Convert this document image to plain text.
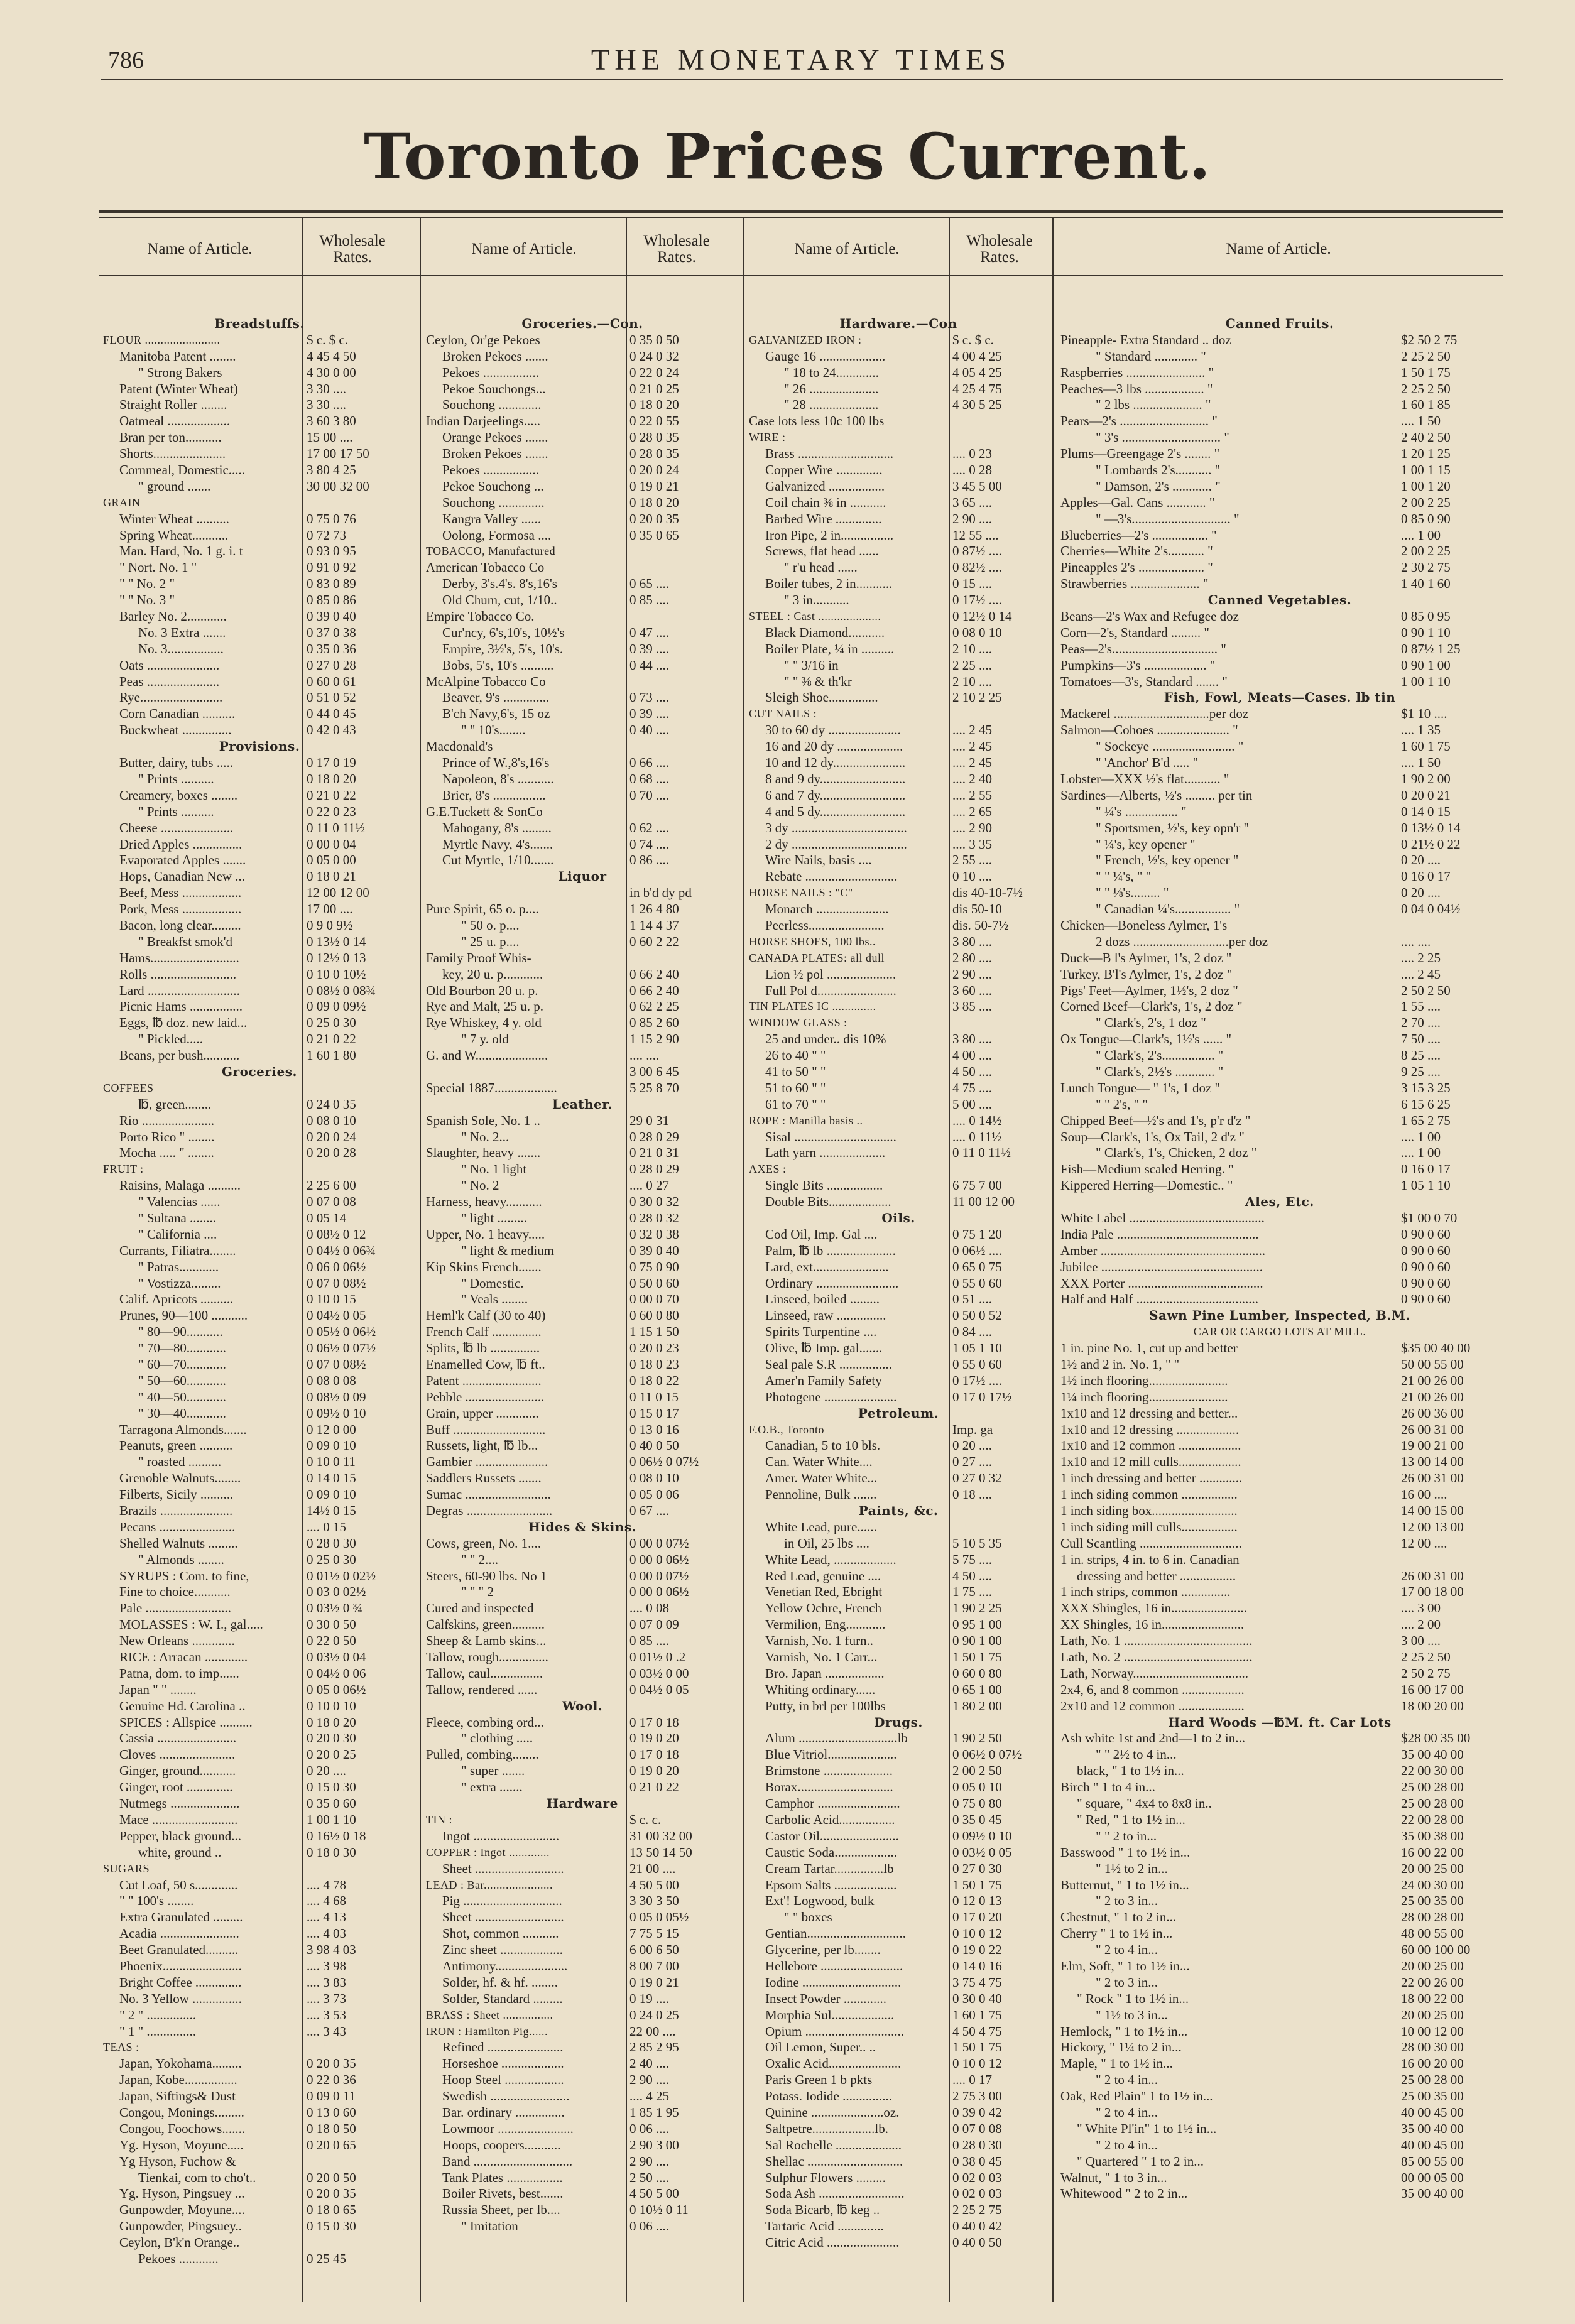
786	THE MONETARY TIMES
Toronto Prices Current.
Name of Article.	Wholesale Rates.	Name of Article.	Wholesale Rates.	Name of Article.	Wholesale Rates.	Name of Article.
Breadstuffs.
FLOUR ........................	$ c. $ c.
Manitoba Patent ........	4 45 4 50
" Strong Bakers	4 30 0 00
Patent (Winter Wheat)	3 30 ....
Straight Roller ........	3 30 ....
Oatmeal ...................	3 60 3 80
Bran per ton...........	15 00 ....
Shorts......................	17 00 17 50
Cornmeal, Domestic.....	3 80 4 25
" ground .......	30 00 32 00
GRAIN
Winter Wheat ..........	0 75 0 76
Spring Wheat...........	0 72 73
Man. Hard, No. 1 g. i. t	0 93 0 95
" Nort. No. 1 "	0 91 0 92
" " No. 2 "	0 83 0 89
" " No. 3 "	0 85 0 86
Barley No. 2............	0 39 0 40
No. 3 Extra .......	0 37 0 38
No. 3.................	0 35 0 36
Oats ......................	0 27 0 28
Peas ......................	0 60 0 61
Rye.........................	0 51 0 52
Corn Canadian ..........	0 44 0 45
Buckwheat ...............	0 42 0 43
Provisions.
Butter, dairy, tubs .....	0 17 0 19
" Prints ..........	0 18 0 20
Creamery, boxes ........	0 21 0 22
" Prints ..........	0 22 0 23
Cheese ......................	0 11 0 11½
Dried Apples ...............	0 00 0 04
Evaporated Apples .......	0 05 0 00
Hops, Canadian New ...	0 18 0 21
Beef, Mess ..................	12 00 12 00
Pork, Mess ..................	17 00 ....
Bacon, long clear.........	0 9 0 9½
" Breakfst smok'd	0 13½ 0 14
Hams...........................	0 12½ 0 13
Rolls ..........................	0 10 0 10½
Lard ............................	0 08½ 0 08¾
Picnic Hams ................	0 09 0 09½
Eggs, ℔ doz. new laid...	0 25 0 30
" Pickled.....	0 21 0 22
Beans, per bush...........	1 60 1 80
Groceries.
COFFEES
℔, green........	0 24 0 35
Rio ......................	0 08 0 10
Porto Rico " ........	0 20 0 24
Mocha ..... " ........	0 20 0 28
FRUIT :
Raisins, Malaga ..........	2 25 6 00
" Valencias ......	0 07 0 08
" Sultana ........	0 05 14
" California ....	0 08½ 0 12
Currants, Filiatra........	0 04½ 0 06¾
" Patras............	0 06 0 06½
" Vostizza.........	0 07 0 08½
Calif. Apricots ..........	0 10 0 15
Prunes, 90—100 ...........	0 04½ 0 05
" 80—90...........	0 05½ 0 06½
" 70—80............	0 06½ 0 07½
" 60—70............	0 07 0 08½
" 50—60............	0 08 0 08
" 40—50............	0 08½ 0 09
" 30—40............	0 09½ 0 10
Tarragona Almonds.......	0 12 0 00
Peanuts, green ..........	0 09 0 10
" roasted ..........	0 10 0 11
Grenoble Walnuts........	0 14 0 15
Filberts, Sicily ..........	0 09 0 10
Brazils ......................	14½ 0 15
Pecans .......................	.... 0 15
Shelled Walnuts .........	0 28 0 30
" Almonds ........	0 25 0 30
SYRUPS : Com. to fine,	0 01½ 0 02½
Fine to choice...........	0 03 0 02½
Pale ..........................	0 03½ 0 ¾
MOLASSES : W. I., gal.....	0 30 0 50
New Orleans .............	0 22 0 50
RICE : Arracan .............	0 03½ 0 04
Patna, dom. to imp......	0 04½ 0 06
Japan " " ........	0 05 0 06½
Genuine Hd. Carolina ..	0 10 0 10
SPICES : Allspice ..........	0 18 0 20
Cassia ........................	0 20 0 30
Cloves .......................	0 20 0 25
Ginger, ground...........	0 20 ....
Ginger, root ..............	0 15 0 30
Nutmegs .....................	0 35 0 60
Mace ..........................	1 00 1 10
Pepper, black ground...	0 16½ 0 18
white, ground ..	0 18 0 30
SUGARS
Cut Loaf, 50 s.............	.... 4 78
" " 100's ........	.... 4 68
Extra Granulated .........	.... 4 13
Acadia ........................	.... 4 03
Beet Granulated..........	3 98 4 03
Phoenix........................	.... 3 98
Bright Coffee ..............	.... 3 83
No. 3 Yellow ...............	.... 3 73
" 2 " ...............	.... 3 53
" 1 " ...............	.... 3 43
TEAS :
Japan, Yokohama.........	0 20 0 35
Japan, Kobe................	0 22 0 36
Japan, Siftings& Dust	0 09 0 11
Congou, Monings.........	0 13 0 60
Congou, Foochows.......	0 18 0 50
Yg. Hyson, Moyune.....	0 20 0 65
Yg Hyson, Fuchow &
Tienkai, com to cho't..	0 20 0 50
Yg. Hyson, Pingsuey ...	0 20 0 35
Gunpowder, Moyune....	0 18 0 65
Gunpowder, Pingsuey..	0 15 0 30
Ceylon, B'k'n Orange..
Pekoes ............	0 25 45
Groceries.—Con.
Ceylon, Or'ge Pekoes	0 35 0 50
Broken Pekoes .......	0 24 0 32
Pekoes .................	0 22 0 24
Pekoe Souchongs...	0 21 0 25
Souchong .............	0 18 0 20
Indian Darjeelings.....	0 22 0 55
Orange Pekoes .......	0 28 0 35
Broken Pekoes .......	0 28 0 35
Pekoes .................	0 20 0 24
Pekoe Souchong ...	0 19 0 21
Souchong ..............	0 18 0 20
Kangra Valley ......	0 20 0 35
Oolong, Formosa ....	0 35 0 65
TOBACCO, Manufactured
American Tobacco Co
Derby, 3's.4's. 8's,16's	0 65 ....
Old Chum, cut, 1/10..	0 85 ....
Empire Tobacco Co.
Cur'ncy, 6's,10's, 10½'s	0 47 ....
Empire, 3½'s, 5's, 10's.	0 39 ....
Bobs, 5's, 10's ..........	0 44 ....
McAlpine Tobacco Co
Beaver, 9's ..............	0 73 ....
B'ch Navy,6's, 15 oz	0 39 ....
" " 10's........	0 40 ....
Macdonald's
Prince of W.,8's,16's	0 66 ....
Napoleon, 8's ...........	0 68 ....
Brier, 8's ................	0 70 ....
G.E.Tuckett & SonCo
Mahogany, 8's .........	0 62 ....
Myrtle Navy, 4's.......	0 74 ....
Cut Myrtle, 1/10.......	0 86 ....
Liquor
in b'd dy pd
Pure Spirit, 65 o. p....	1 26 4 80
" 50 o. p....	1 14 4 37
" 25 u. p....	0 60 2 22
Family Proof Whis-
key, 20 u. p............	0 66 2 40
Old Bourbon 20 u. p.	0 66 2 40
Rye and Malt, 25 u. p.	0 62 2 25
Rye Whiskey, 4 y. old	0 85 2 60
" 7 y. old	1 15 2 90
G. and W......................	.... ....
3 00 6 45
Special 1887...................	5 25 8 70
Leather.
Spanish Sole, No. 1 ..	29 0 31
" No. 2...	0 28 0 29
Slaughter, heavy .......	0 21 0 31
" No. 1 light	0 28 0 29
" No. 2	.... 0 27
Harness, heavy...........	0 30 0 32
" light .........	0 28 0 32
Upper, No. 1 heavy.....	0 32 0 38
" light & medium	0 39 0 40
Kip Skins French.......	0 75 0 90
" Domestic.	0 50 0 60
" Veals ........	0 00 0 70
Heml'k Calf (30 to 40)	0 60 0 80
French Calf ...............	1 15 1 50
Splits, ℔ lb ...............	0 20 0 23
Enamelled Cow, ℔ ft..	0 18 0 23
Patent ........................	0 18 0 22
Pebble ........................	0 11 0 15
Grain, upper .............	0 15 0 17
Buff ............................	0 13 0 16
Russets, light, ℔ lb...	0 40 0 50
Gambier ......................	0 06½ 0 07½
Saddlers Russets .......	0 08 0 10
Sumac ..........................	0 05 0 06
Degras ..........................	0 67 ....
Hides & Skins.
Cows, green, No. 1....	0 00 0 07½
" " 2....	0 00 0 06½
Steers, 60-90 lbs. No 1	0 00 0 07½
" " " 2	0 00 0 06½
Cured and inspected	.... 0 08
Calfskins, green..........	0 07 0 09
Sheep & Lamb skins...	0 85 ....
Tallow, rough...............	0 01½ 0 .2
Tallow, caul................	0 03½ 0 00
Tallow, rendered ......	0 04½ 0 05
Wool.
Fleece, combing ord...	0 17 0 18
" clothing .....	0 19 0 20
Pulled, combing........	0 17 0 18
" super .......	0 19 0 20
" extra .......	0 21 0 22
Hardware
TIN :	$ c. c.
Ingot ..........................	31 00 32 00
COPPER : Ingot .............	13 50 14 50
Sheet ...........................	21 00 ....
LEAD : Bar......................	4 50 5 00
Pig ..............................	3 30 3 50
Sheet ...........................	0 05 0 05½
Shot, common ...........	7 75 5 15
Zinc sheet ...................	6 00 6 50
Antimony......................	8 00 7 00
Solder, hf. & hf. ........	0 19 0 21
Solder, Standard .........	0 19 ....
BRASS : Sheet ................	0 24 0 25
IRON : Hamilton Pig......	22 00 ....
Refined .......................	2 85 2 95
Horseshoe ...................	2 40 ....
Hoop Steel ..................	2 90 ....
Swedish ........................	.... 4 25
Bar. ordinary ...............	1 85 1 95
Lowmoor .......................	0 06 ....
Hoops, coopers...........	2 90 3 00
Band ..............................	2 90 ....
Tank Plates .................	2 50 ....
Boiler Rivets, best.......	4 50 5 00
Russia Sheet, per lb....	0 10½ 0 11
" Imitation	0 06 ....
Hardware.—Con
GALVANIZED IRON :	$ c. $ c.
Gauge 16 ....................	4 00 4 25
" 18 to 24.............	4 05 4 25
" 26 .....................	4 25 4 75
" 28 .....................	4 30 5 25
Case lots less 10c 100 lbs
WIRE :
Brass .............................	.... 0 23
Copper Wire ..............	.... 0 28
Galvanized .................	3 45 5 00
Coil chain ⅜ in ...........	3 65 ....
Barbed Wire ..............	2 90 ....
Iron Pipe, 2 in................	12 55 ....
Screws, flat head ......	0 87½ ....
" r'u head ......	0 82½ ....
Boiler tubes, 2 in...........	0 15 ....
" 3 in...........	0 17½ ....
STEEL : Cast ....................	0 12½ 0 14
Black Diamond...........	0 08 0 10
Boiler Plate, ¼ in ..........	2 10 ....
" " 3/16 in	2 25 ....
" " ⅜ & th'kr	2 10 ....
Sleigh Shoe...............	2 10 2 25
CUT NAILS :
30 to 60 dy ......................	.... 2 45
16 and 20 dy ....................	.... 2 45
10 and 12 dy......................	.... 2 45
8 and 9 dy..........................	.... 2 40
6 and 7 dy..........................	.... 2 55
4 and 5 dy..........................	.... 2 65
3 dy ...................................	.... 2 90
2 dy ...................................	.... 3 35
Wire Nails, basis ....	2 55 ....
Rebate ............................	0 10 ....
HORSE NAILS : "C"	dis 40-10-7½
Monarch ......................	dis 50-10
Peerless.......................	dis. 50-7½
HORSE SHOES, 100 lbs..	3 80 ....
CANADA PLATES: all dull	2 80 ....
Lion ½ pol .....................	2 90 ....
Full Pol d........................	3 60 ....
TIN PLATES IC ..............	3 85 ....
WINDOW GLASS :
25 and under.. dis 10%	3 80 ....
26 to 40 " "	4 00 ....
41 to 50 " "	4 50 ....
51 to 60 " "	4 75 ....
61 to 70 " "	5 00 ....
ROPE : Manilla basis ..	.... 0 14½
Sisal ...............................	.... 0 11½
Lath yarn ....................	0 11 0 11½
AXES :
Single Bits .................	6 75 7 00
Double Bits...................	11 00 12 00
Oils.
Cod Oil, Imp. Gal ....	0 75 1 20
Palm, ℔ lb .....................	0 06½ ....
Lard, ext.......................	0 65 0 75
Ordinary .........................	0 55 0 60
Linseed, boiled .........	0 51 ....
Linseed, raw ...............	0 50 0 52
Spirits Turpentine ....	0 84 ....
Olive, ℔ Imp. gal.......	1 05 1 10
Seal pale S.R ................	0 55 0 60
Amer'n Family Safety	0 17½ ....
Photogene ......................	0 17 0 17½
Petroleum.
F.O.B., Toronto	Imp. ga
Canadian, 5 to 10 bls.	0 20 ....
Can. Water White....	0 27 ....
Amer. Water White...	0 27 0 32
Pennoline, Bulk .......	0 18 ....
Paints, &c.
White Lead, pure......
in Oil, 25 lbs ....	5 10 5 35
White Lead, ...................	5 75 ....
Red Lead, genuine ....	4 50 ....
Venetian Red, Ebright	1 75 ....
Yellow Ochre, French	1 90 2 25
Vermilion, Eng............	0 95 1 00
Varnish, No. 1 furn..	0 90 1 00
Varnish, No. 1 Carr...	1 50 1 75
Bro. Japan ..................	0 60 0 80
Whiting ordinary......	0 65 1 00
Putty, in brl per 100lbs	1 80 2 00
Drugs.
Alum ..............................lb	1 90 2 50
Blue Vitriol.....................	0 06½ 0 07½
Brimstone .....................	2 00 2 50
Borax.............................	0 05 0 10
Camphor .........................	0 75 0 80
Carbolic Acid.................	0 35 0 45
Castor Oil........................	0 09½ 0 10
Caustic Soda...................	0 03½ 0 05
Cream Tartar...............lb	0 27 0 30
Epsom Salts ...................	1 50 1 75
Ext'! Logwood, bulk	0 12 0 13
" " boxes	0 17 0 20
Gentian..............................	0 10 0 12
Glycerine, per lb........	0 19 0 22
Hellebore .........................	0 14 0 16
Iodine ..............................	3 75 4 75
Insect Powder .............	0 30 0 40
Morphia Sul...................	1 60 1 75
Opium ..............................	4 50 4 75
Oil Lemon, Super.. ..	1 50 1 75
Oxalic Acid......................	0 10 0 12
Paris Green 1 b pkts	.... 0 17
Potass. Iodide ...............	2 75 3 00
Quinine ......................oz.	0 39 0 42
Saltpetre...................lb.	0 07 0 08
Sal Rochelle ....................	0 28 0 30
Shellac .............................	0 38 0 45
Sulphur Flowers .........	0 02 0 03
Soda Ash ..........................	0 02 0 03
Soda Bicarb, ℔ keg ..	2 25 2 75
Tartaric Acid ..............	0 40 0 42
Citric Acid ......................	0 40 0 50
Canned Fruits.
Pineapple- Extra Standard .. doz	$2 50 2 75
" Standard ............. "	2 25 2 50
Raspberries ........................ "	1 50 1 75
Peaches—3 lbs .................. "	2 25 2 50
" 2 lbs ..................... "	1 60 1 85
Pears—2's ........................... "	.... 1 50
" 3's .............................. "	2 40 2 50
Plums—Greengage 2's ........ "	1 20 1 25
" Lombards 2's........... "	1 00 1 15
" Damson, 2's ............ "	1 00 1 20
Apples—Gal. Cans ............ "	2 00 2 25
" —3's.............................. "	0 85 0 90
Blueberries—2's ................. "	.... 1 00
Cherries—White 2's........... "	2 00 2 25
Pineapples 2's .................... "	2 30 2 75
Strawberries ..................... "	1 40 1 60
Canned Vegetables.
Beans—2's Wax and Refugee doz	0 85 0 95
Corn—2's, Standard ......... "	0 90 1 10
Peas—2's................................ "	0 87½ 1 25
Pumpkins—3's ................... "	0 90 1 00
Tomatoes—3's, Standard ....... "	1 00 1 10
Fish, Fowl, Meats—Cases. lb tin
Mackerel .............................per doz	$1 10 ....
Salmon—Cohoes ...................... "	.... 1 35
" Sockeye ......................... "	1 60 1 75
" 'Anchor' B'd ..... "	.... 1 50
Lobster—XXX ½'s flat........... "	1 90 2 00
Sardines—Alberts, ½'s ......... per tin	0 20 0 21
" ¼'s ................ "	0 14 0 15
" Sportsmen, ½'s, key opn'r "	0 13½ 0 14
" ¼'s, key opener "	0 21½ 0 22
" French, ½'s, key opener "	0 20 ....
" " ¼'s, " "	0 16 0 17
" " ⅛'s......... "	0 20 ....
" Canadian ¼'s................. "	0 04 0 04½
Chicken—Boneless Aylmer, 1's
2 dozs .............................per doz	.... ....
Duck—B l's Aylmer, 1's, 2 doz "	.... 2 25
Turkey, B'l's Aylmer, 1's, 2 doz "	.... 2 45
Pigs' Feet—Aylmer, 1½'s, 2 doz "	2 50 2 50
Corned Beef—Clark's, 1's, 2 doz "	1 55 ....
" Clark's, 2's, 1 doz "	2 70 ....
Ox Tongue—Clark's, 1½'s ...... "	7 50 ....
" Clark's, 2's................ "	8 25 ....
" Clark's, 2½'s ............ "	9 25 ....
Lunch Tongue— " 1's, 1 doz "	3 15 3 25
" " 2's, " "	6 15 6 25
Chipped Beef—½'s and 1's, p'r d'z "	1 65 2 75
Soup—Clark's, 1's, Ox Tail, 2 d'z "	.... 1 00
" Clark's, 1's, Chicken, 2 doz "	.... 1 00
Fish—Medium scaled Herring. "	0 16 0 17
Kippered Herring—Domestic.. "	1 05 1 10
Ales, Etc.
White Label .........................................	$1 00 0 70
India Pale ...........................................	0 90 0 60
Amber ..................................................	0 90 0 60
Jubilee .................................................	0 90 0 60
XXX Porter .........................................	0 90 0 60
Half and Half .....................................	0 90 0 60
Sawn Pine Lumber, Inspected, B.M.
CAR OR CARGO LOTS AT MILL.
1 in. pine No. 1, cut up and better	$35 00 40 00
1½ and 2 in. No. 1, " "	50 00 55 00
1½ inch flooring........................	21 00 26 00
1¼ inch flooring........................	21 00 26 00
1x10 and 12 dressing and better...	26 00 36 00
1x10 and 12 dressing ...................	26 00 31 00
1x10 and 12 common ...................	19 00 21 00
1x10 and 12 mill culls...................	13 00 14 00
1 inch dressing and better .............	26 00 31 00
1 inch siding common .................	16 00 ....
1 inch siding box..........................	14 00 15 00
1 inch siding mill culls.................	12 00 13 00
Cull Scantling ...............................	12 00 ....
1 in. strips, 4 in. to 6 in. Canadian
dressing and better .................	26 00 31 00
1 inch strips, common ...............	17 00 18 00
XXX Shingles, 16 in.......................	.... 3 00
XX Shingles, 16 in.........................	.... 2 00
Lath, No. 1 .......................................	3 00 ....
Lath, No. 2 .......................................	2 25 2 50
Lath, Norway...................................	2 50 2 75
2x4, 6, and 8 common ...................	16 00 17 00
2x10 and 12 common ....................	18 00 20 00
Hard Woods —℔M. ft. Car Lots
Ash white 1st and 2nd—1 to 2 in...	$28 00 35 00
" " 2½ to 4 in...	35 00 40 00
black, " 1 to 1½ in...	22 00 30 00
Birch " 1 to 4 in...	25 00 28 00
" square, " 4x4 to 8x8 in..	25 00 28 00
" Red, " 1 to 1½ in...	22 00 28 00
" " 2 to in...	35 00 38 00
Basswood " 1 to 1½ in...	16 00 22 00
" 1½ to 2 in...	20 00 25 00
Butternut, " 1 to 1½ in...	24 00 30 00
" 2 to 3 in...	25 00 35 00
Chestnut, " 1 to 2 in...	28 00 28 00
Cherry " 1 to 1½ in...	48 00 55 00
" 2 to 4 in...	60 00 100 00
Elm, Soft, " 1 to 1½ in...	20 00 25 00
" 2 to 3 in...	22 00 26 00
" Rock " 1 to 1½ in...	18 00 22 00
" 1½ to 3 in...	20 00 25 00
Hemlock, " 1 to 1½ in...	10 00 12 00
Hickory, " 1¼ to 2 in...	28 00 30 00
Maple, " 1 to 1½ in...	16 00 20 00
" 2 to 4 in...	25 00 28 00
Oak, Red Plain" 1 to 1½ in...	25 00 35 00
" 2 to 4 in...	40 00 45 00
" White Pl'in" 1 to 1½ in...	35 00 40 00
" 2 to 4 in...	40 00 45 00
" Quartered " 1 to 2 in...	85 00 55 00
Walnut, " 1 to 3 in...	00 00 05 00
Whitewood " 2 to 2 in...	35 00 40 00
